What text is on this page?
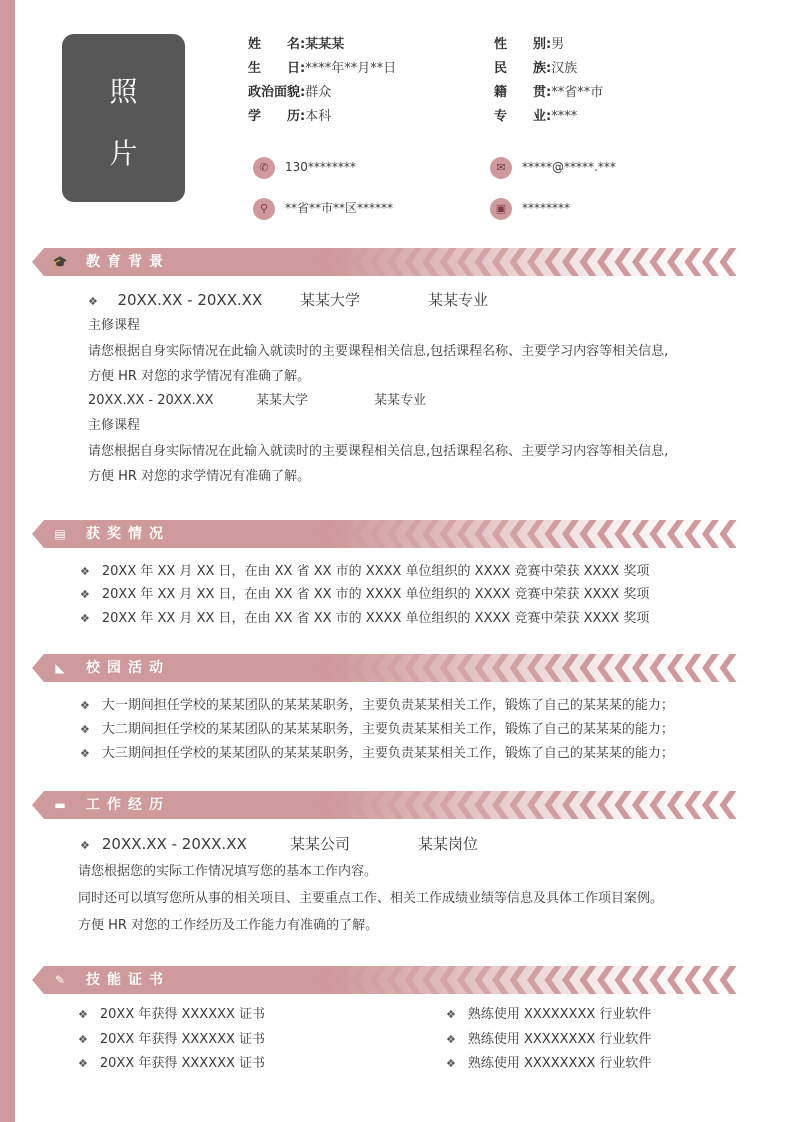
照
片
姓　　名:某某某	性　　别:男
生　　日:****年**月**日	民　　族:汉族
政治面貌:群众	籍　　贯:**省**市
学　　历:本科	专　　业:****
✆	130********	✉	*****@*****.***
⚲	**省**市**区******	▣	********
🎓 教育背景
▤ 获奖情况
◣ 校园活动
▬ 工作经历
✎ 技能证书
❖ 20XX.XX - 20XX.XX	某某大学	某某专业
主修课程
请您根据自身实际情况在此输入就读时的主要课程相关信息,包括课程名称、主要学习内容等相关信息,
方便 HR 对您的求学情况有准确了解。
20XX.XX - 20XX.XX	某某大学	某某专业
主修课程
请您根据自身实际情况在此输入就读时的主要课程相关信息,包括课程名称、主要学习内容等相关信息,
方便 HR 对您的求学情况有准确了解。
❖ 20XX 年 XX 月 XX 日，在由 XX 省 XX 市的 XXXX 单位组织的 XXXX 竞赛中荣获 XXXX 奖项
❖ 20XX 年 XX 月 XX 日，在由 XX 省 XX 市的 XXXX 单位组织的 XXXX 竞赛中荣获 XXXX 奖项
❖ 20XX 年 XX 月 XX 日，在由 XX 省 XX 市的 XXXX 单位组织的 XXXX 竞赛中荣获 XXXX 奖项
❖ 大一期间担任学校的某某团队的某某某职务，主要负责某某相关工作，锻炼了自己的某某某的能力；
❖ 大二期间担任学校的某某团队的某某某职务，主要负责某某相关工作，锻炼了自己的某某某的能力；
❖ 大三期间担任学校的某某团队的某某某职务，主要负责某某相关工作，锻炼了自己的某某某的能力；
❖ 20XX.XX - 20XX.XX	某某公司	某某岗位
请您根据您的实际工作情况填写您的基本工作内容。
同时还可以填写您所从事的相关项目、主要重点工作、相关工作成绩业绩等信息及具体工作项目案例。
方便 HR 对您的工作经历及工作能力有准确的了解。
❖ 20XX 年获得 XXXXXX 证书
❖ 20XX 年获得 XXXXXX 证书
❖ 20XX 年获得 XXXXXX 证书
❖ 熟练使用 XXXXXXXX 行业软件
❖ 熟练使用 XXXXXXXX 行业软件
❖ 熟练使用 XXXXXXXX 行业软件
